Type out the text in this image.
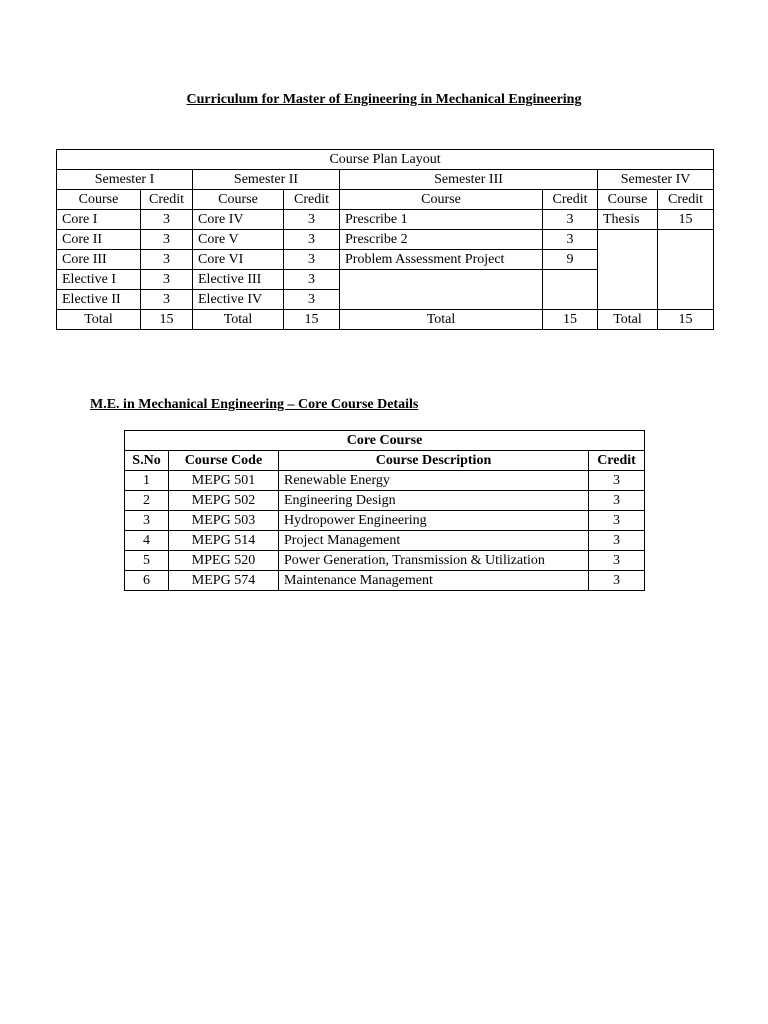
Curriculum for Master of Engineering in Mechanical Engineering
Course Plan Layout							
Semester I		Semester II		Semester III		Semester IV	
Course	Credit	Course	Credit	Course	Credit	Course	Credit
Core I	3	Core IV	3	Prescribe 1	3	Thesis	15
Core II	3	Core V	3	Prescribe 2	3		
Core III	3	Core VI	3	Problem Assessment Project	9		
Elective I	3	Elective III	3				
Elective II	3	Elective IV	3				
Total	15	Total	15	Total	15	Total	15
M.E. in Mechanical Engineering – Core Course Details
Core Course			
S.No	Course Code	Course Description	Credit
1	MEPG 501	Renewable Energy	3
2	MEPG 502	Engineering Design	3
3	MEPG 503	Hydropower Engineering	3
4	MEPG 514	Project Management	3
5	MPEG 520	Power Generation, Transmission & Utilization	3
6	MEPG 574	Maintenance Management	3
